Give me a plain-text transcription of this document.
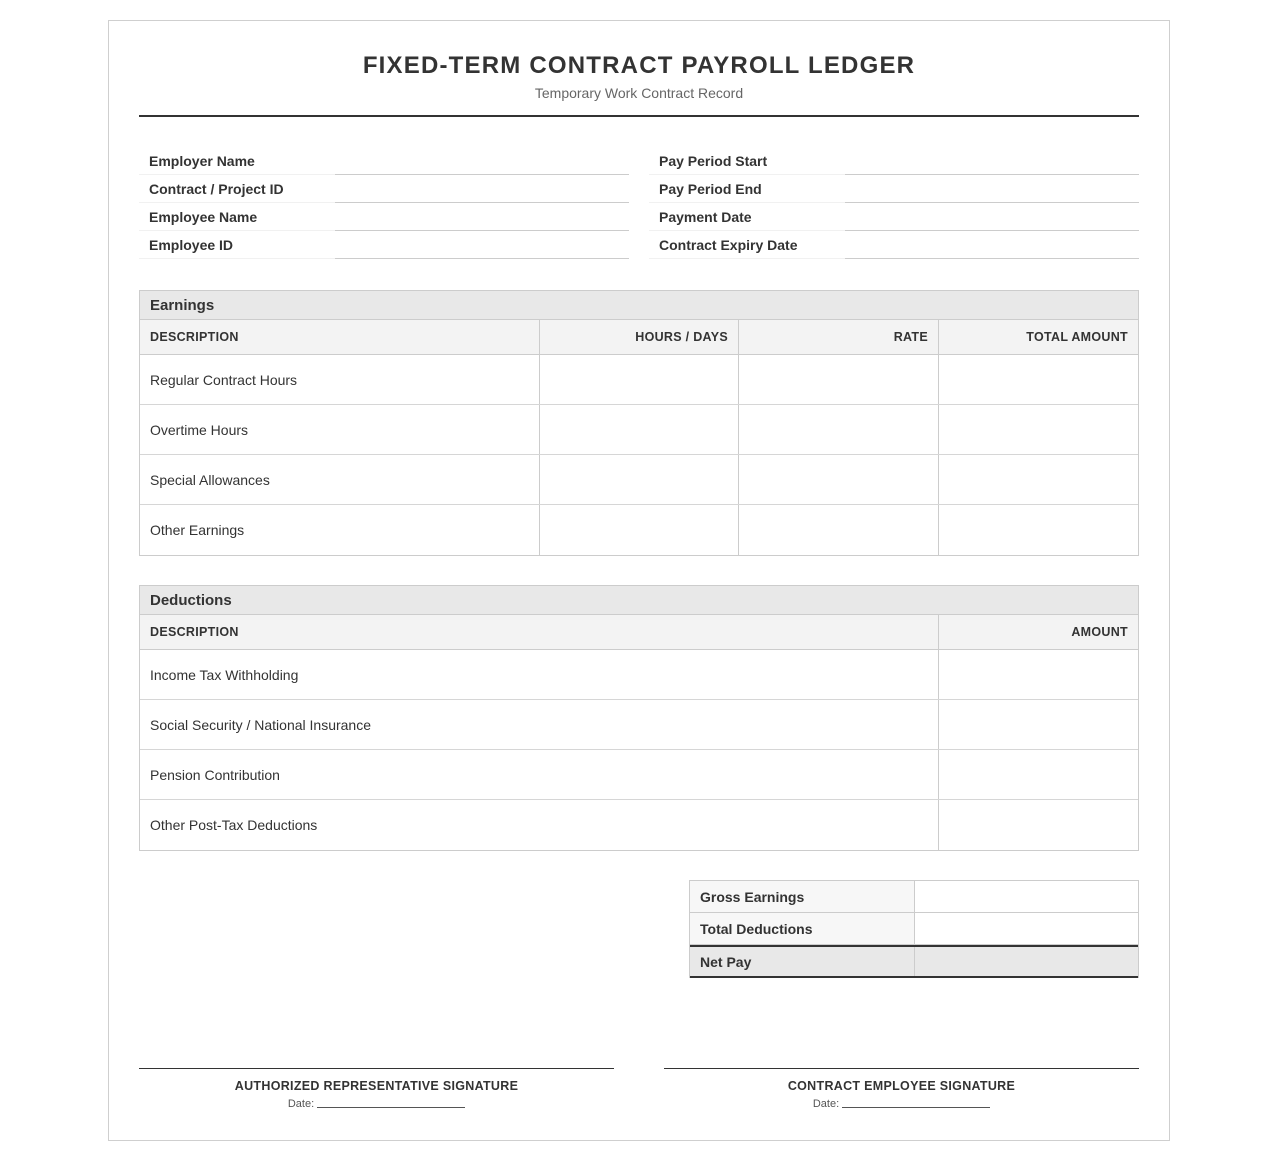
FIXED-TERM CONTRACT PAYROLL LEDGER
Temporary Work Contract Record
Employer Name
Contract / Project ID
Employee Name
Employee ID
Pay Period Start
Pay Period End
Payment Date
Contract Expiry Date
Earnings
DESCRIPTION	HOURS / DAYS	RATE	TOTAL AMOUNT
Regular Contract Hours
Overtime Hours
Special Allowances
Other Earnings
Deductions
DESCRIPTION	AMOUNT
Income Tax Withholding
Social Security / National Insurance
Pension Contribution
Other Post-Tax Deductions
Gross Earnings
Total Deductions
Net Pay
AUTHORIZED REPRESENTATIVE SIGNATURE
Date:
CONTRACT EMPLOYEE SIGNATURE
Date:
